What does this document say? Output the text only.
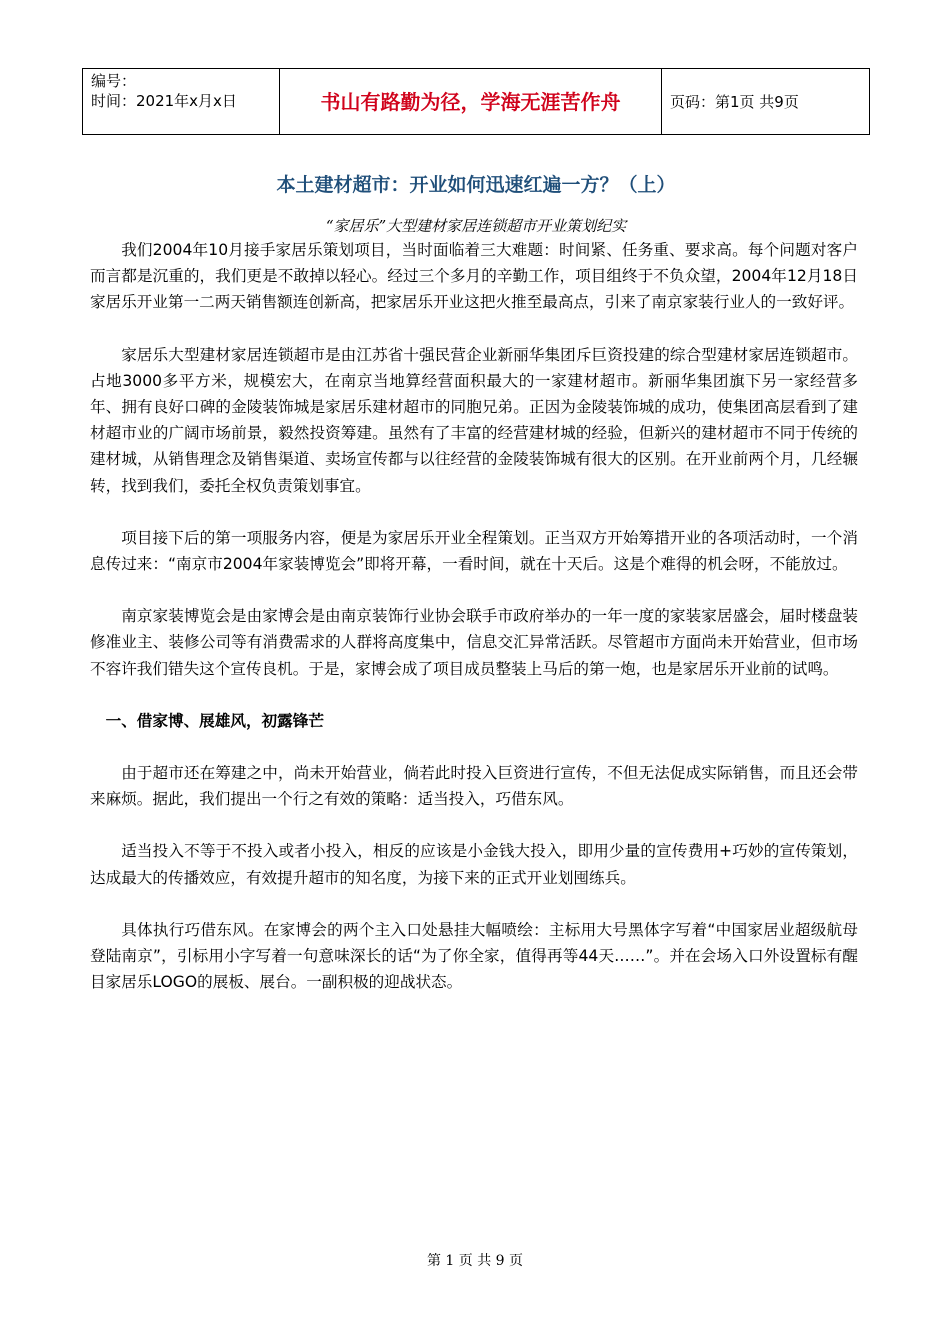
编号：
时间：2021年x月x日	书山有路勤为径，学海无涯苦作舟	页码：第1页 共9页
本土建材超市：开业如何迅速红遍一方？（上）

“家居乐”大型建材家居连锁超市开业策划纪实

我们2004年10月接手家居乐策划项目，当时面临着三大难题：时间紧、任务重、要求高。每个问题对客户而言都是沉重的，我们更是不敢掉以轻心。经过三个多月的辛勤工作，项目组终于不负众望，2004年12月18日家居乐开业第一二两天销售额连创新高，把家居乐开业这把火推至最高点，引来了南京家装行业人的一致好评。

家居乐大型建材家居连锁超市是由江苏省十强民营企业新丽华集团斥巨资投建的综合型建材家居连锁超市。占地3000多平方米，规模宏大，在南京当地算经营面积最大的一家建材超市。新丽华集团旗下另一家经营多年、拥有良好口碑的金陵装饰城是家居乐建材超市的同胞兄弟。正因为金陵装饰城的成功，使集团高层看到了建材超市业的广阔市场前景，毅然投资筹建。虽然有了丰富的经营建材城的经验，但新兴的建材超市不同于传统的建材城，从销售理念及销售渠道、卖场宣传都与以往经营的金陵装饰城有很大的区别。在开业前两个月，几经辗转，找到我们，委托全权负责策划事宜。

项目接下后的第一项服务内容，便是为家居乐开业全程策划。正当双方开始筹措开业的各项活动时，一个消息传过来：“南京市2004年家装博览会”即将开幕，一看时间，就在十天后。这是个难得的机会呀，不能放过。

南京家装博览会是由家博会是由南京装饰行业协会联手市政府举办的一年一度的家装家居盛会，届时楼盘装修准业主、装修公司等有消费需求的人群将高度集中，信息交汇异常活跃。尽管超市方面尚未开始营业，但市场不容许我们错失这个宣传良机。于是，家博会成了项目成员整装上马后的第一炮，也是家居乐开业前的试鸣。

一、借家博、展雄风，初露锋芒

由于超市还在筹建之中，尚未开始营业，倘若此时投入巨资进行宣传，不但无法促成实际销售，而且还会带来麻烦。据此，我们提出一个行之有效的策略：适当投入，巧借东风。

适当投入不等于不投入或者小投入，相反的应该是小金钱大投入，即用少量的宣传费用+巧妙的宣传策划，达成最大的传播效应，有效提升超市的知名度，为接下来的正式开业划囤练兵。

具体执行巧借东风。在家博会的两个主入口处悬挂大幅喷绘：主标用大号黑体字写着“中国家居业超级航母登陆南京”，引标用小字写着一句意味深长的话“为了你全家，值得再等44天……”。并在会场入口外设置标有醒目家居乐LOGO的展板、展台。一副积极的迎战状态。

第 1 页 共 9 页
